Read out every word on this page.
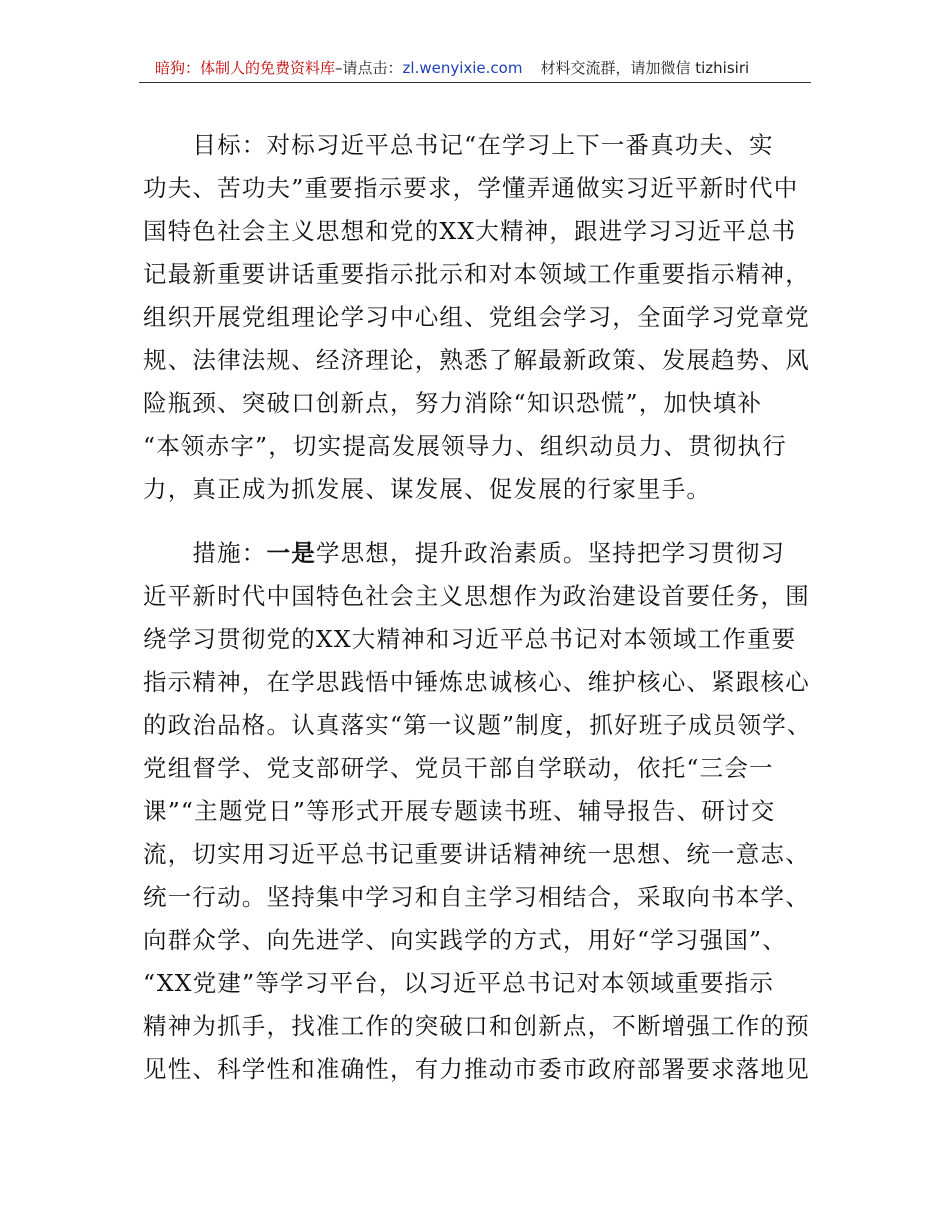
暗狗：体制人的免费资料库–请点击：zl.wenyixie.com 材料交流群，请加微信 tizhisiri

　　目标：对标习近平总书记“在学习上下一番真功夫、实

功夫、苦功夫”重要指示要求，学懂弄通做实习近平新时代中

国特色社会主义思想和党的XX大精神，跟进学习习近平总书

记最新重要讲话重要指示批示和对本领域工作重要指示精神，

组织开展党组理论学习中心组、党组会学习，全面学习党章党

规、法律法规、经济理论，熟悉了解最新政策、发展趋势、风

险瓶颈、突破口创新点，努力消除“知识恐慌”，加快填补

“本领赤字”，切实提高发展领导力、组织动员力、贯彻执行

力，真正成为抓发展、谋发展、促发展的行家里手。

　　措施：一是学思想，提升政治素质。坚持把学习贯彻习

近平新时代中国特色社会主义思想作为政治建设首要任务，围

绕学习贯彻党的XX大精神和习近平总书记对本领域工作重要

指示精神，在学思践悟中锤炼忠诚核心、维护核心、紧跟核心

的政治品格。认真落实“第一议题”制度，抓好班子成员领学、

党组督学、党支部研学、党员干部自学联动，依托“三会一

课”“主题党日”等形式开展专题读书班、辅导报告、研讨交

流，切实用习近平总书记重要讲话精神统一思想、统一意志、

统一行动。坚持集中学习和自主学习相结合，采取向书本学、

向群众学、向先进学、向实践学的方式，用好“学习强国”、

“XX党建”等学习平台，以习近平总书记对本领域重要指示

精神为抓手，找准工作的突破口和创新点，不断增强工作的预

见性、科学性和准确性，有力推动市委市政府部署要求落地见
